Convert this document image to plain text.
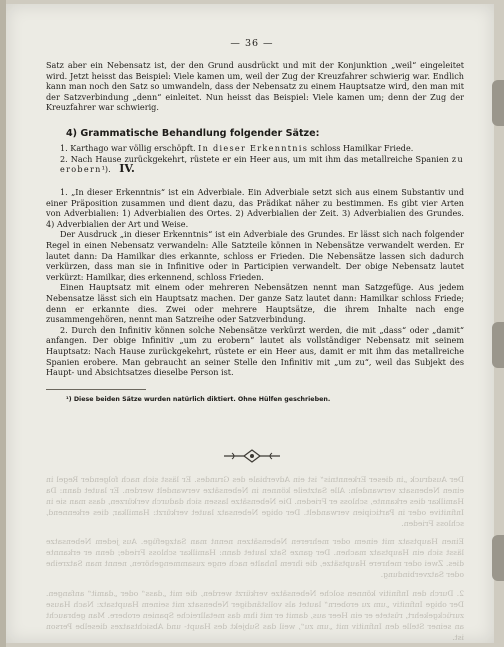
— 36 —

Satz aber ein Nebensatz ist, der den Grund ausdrückt und mit der Konjunktion „weil“ eingeleitet wird. Jetzt heisst das Beispiel: Viele kamen um, weil der Zug der Kreuzfahrer schwierig war. Endlich kann man noch den Satz so umwandeln, dass der Nebensatz zu einem Hauptsatze wird, den man mit der Satzverbindung „denn“ einleitet. Nun heisst das Beispiel: Viele kamen um; denn der Zug der Kreuzfahrer war schwierig.

4) Grammatische Behandlung folgender Sätze:

1. Karthago war völlig erschöpft. In dieser Erkenntnis schloss Hamilkar Friede.

2. Nach Hause zurückgekehrt, rüstete er ein Heer aus, um mit ihm das metallreiche Spanien zu erobern¹). IV.

1. „In dieser Erkenntnis“ ist ein Adverbiale. Ein Adverbiale setzt sich aus einem Substantiv und einer Präposition zusammen und dient dazu, das Prädikat näher zu bestimmen. Es gibt vier Arten von Adverbialien: 1) Adverbialien des Ortes. 2) Adverbialien der Zeit. 3) Adverbialien des Grundes. 4) Adverbialien der Art und Weise.

Der Ausdruck „in dieser Erkenntnis“ ist ein Adverbiale des Grundes. Er lässt sich nach folgender Regel in einen Nebensatz verwandeln: Alle Satzteile können in Nebensätze verwandelt werden. Er lautet dann: Da Hamilkar dies erkannte, schloss er Frieden. Die Nebensätze lassen sich dadurch verkürzen, dass man sie in Infinitive oder in Participien verwandelt. Der obige Nebensatz lautet verkürzt: Hamilkar, dies erkennend, schloss Frieden.

Einen Hauptsatz mit einem oder mehreren Nebensätzen nennt man Satzgefüge. Aus jedem Nebensatze lässt sich ein Hauptsatz machen. Der ganze Satz lautet dann: Hamilkar schloss Friede; denn er erkannte dies. Zwei oder mehrere Hauptsätze, die ihrem Inhalte nach enge zusammengehören, nennt man Satzreihe oder Satzverbindung.

2. Durch den Infinitiv können solche Nebensätze verkürzt werden, die mit „dass“ oder „damit“ anfangen. Der obige Infinitiv „um zu erobern“ lautet als vollständiger Nebensatz mit seinem Hauptsatz: Nach Hause zurückgekehrt, rüstete er ein Heer aus, damit er mit ihm das metallreiche Spanien erobere. Man gebraucht an seiner Stelle den Infinitiv mit „um zu“, weil das Subjekt des Haupt- und Absichtsatzes dieselbe Person ist.

¹) Diese beiden Sätze wurden natürlich diktiert. Ohne Hülfen geschrieben.

Der Ausdruck „in dieser Erkenntnis“ ist ein Adverbiale des Grundes. Er lässt sich nach folgender Regel in einen Nebensatz verwandeln: Alle Satzteile können in Nebensätze verwandelt werden. Er lautet dann: Da Hamilkar dies erkannte, schloss er Frieden. Die Nebensätze lassen sich dadurch verkürzen, dass man sie in Infinitive oder in Participien verwandelt. Der obige Nebensatz lautet verkürzt: Hamilkar, dies erkennend, schloss Frieden.

Einen Hauptsatz mit einem oder mehreren Nebensätzen nennt man Satzgefüge. Aus jedem Nebensatze lässt sich ein Hauptsatz machen. Der ganze Satz lautet dann: Hamilkar schloss Friede; denn er erkannte dies. Zwei oder mehrere Hauptsätze, die ihrem Inhalte nach enge zusammengehören, nennt man Satzreihe oder Satzverbindung.

2. Durch den Infinitiv können solche Nebensätze verkürzt werden, die mit „dass“ oder „damit“ anfangen. Der obige Infinitiv „um zu erobern“ lautet als vollständiger Nebensatz mit seinem Hauptsatz: Nach Hause zurückgekehrt, rüstete er ein Heer aus, damit er mit ihm das metallreiche Spanien erobere. Man gebraucht an seiner Stelle den Infinitiv mit „um zu“, weil das Subjekt des Haupt- und Absichtsatzes dieselbe Person ist.
